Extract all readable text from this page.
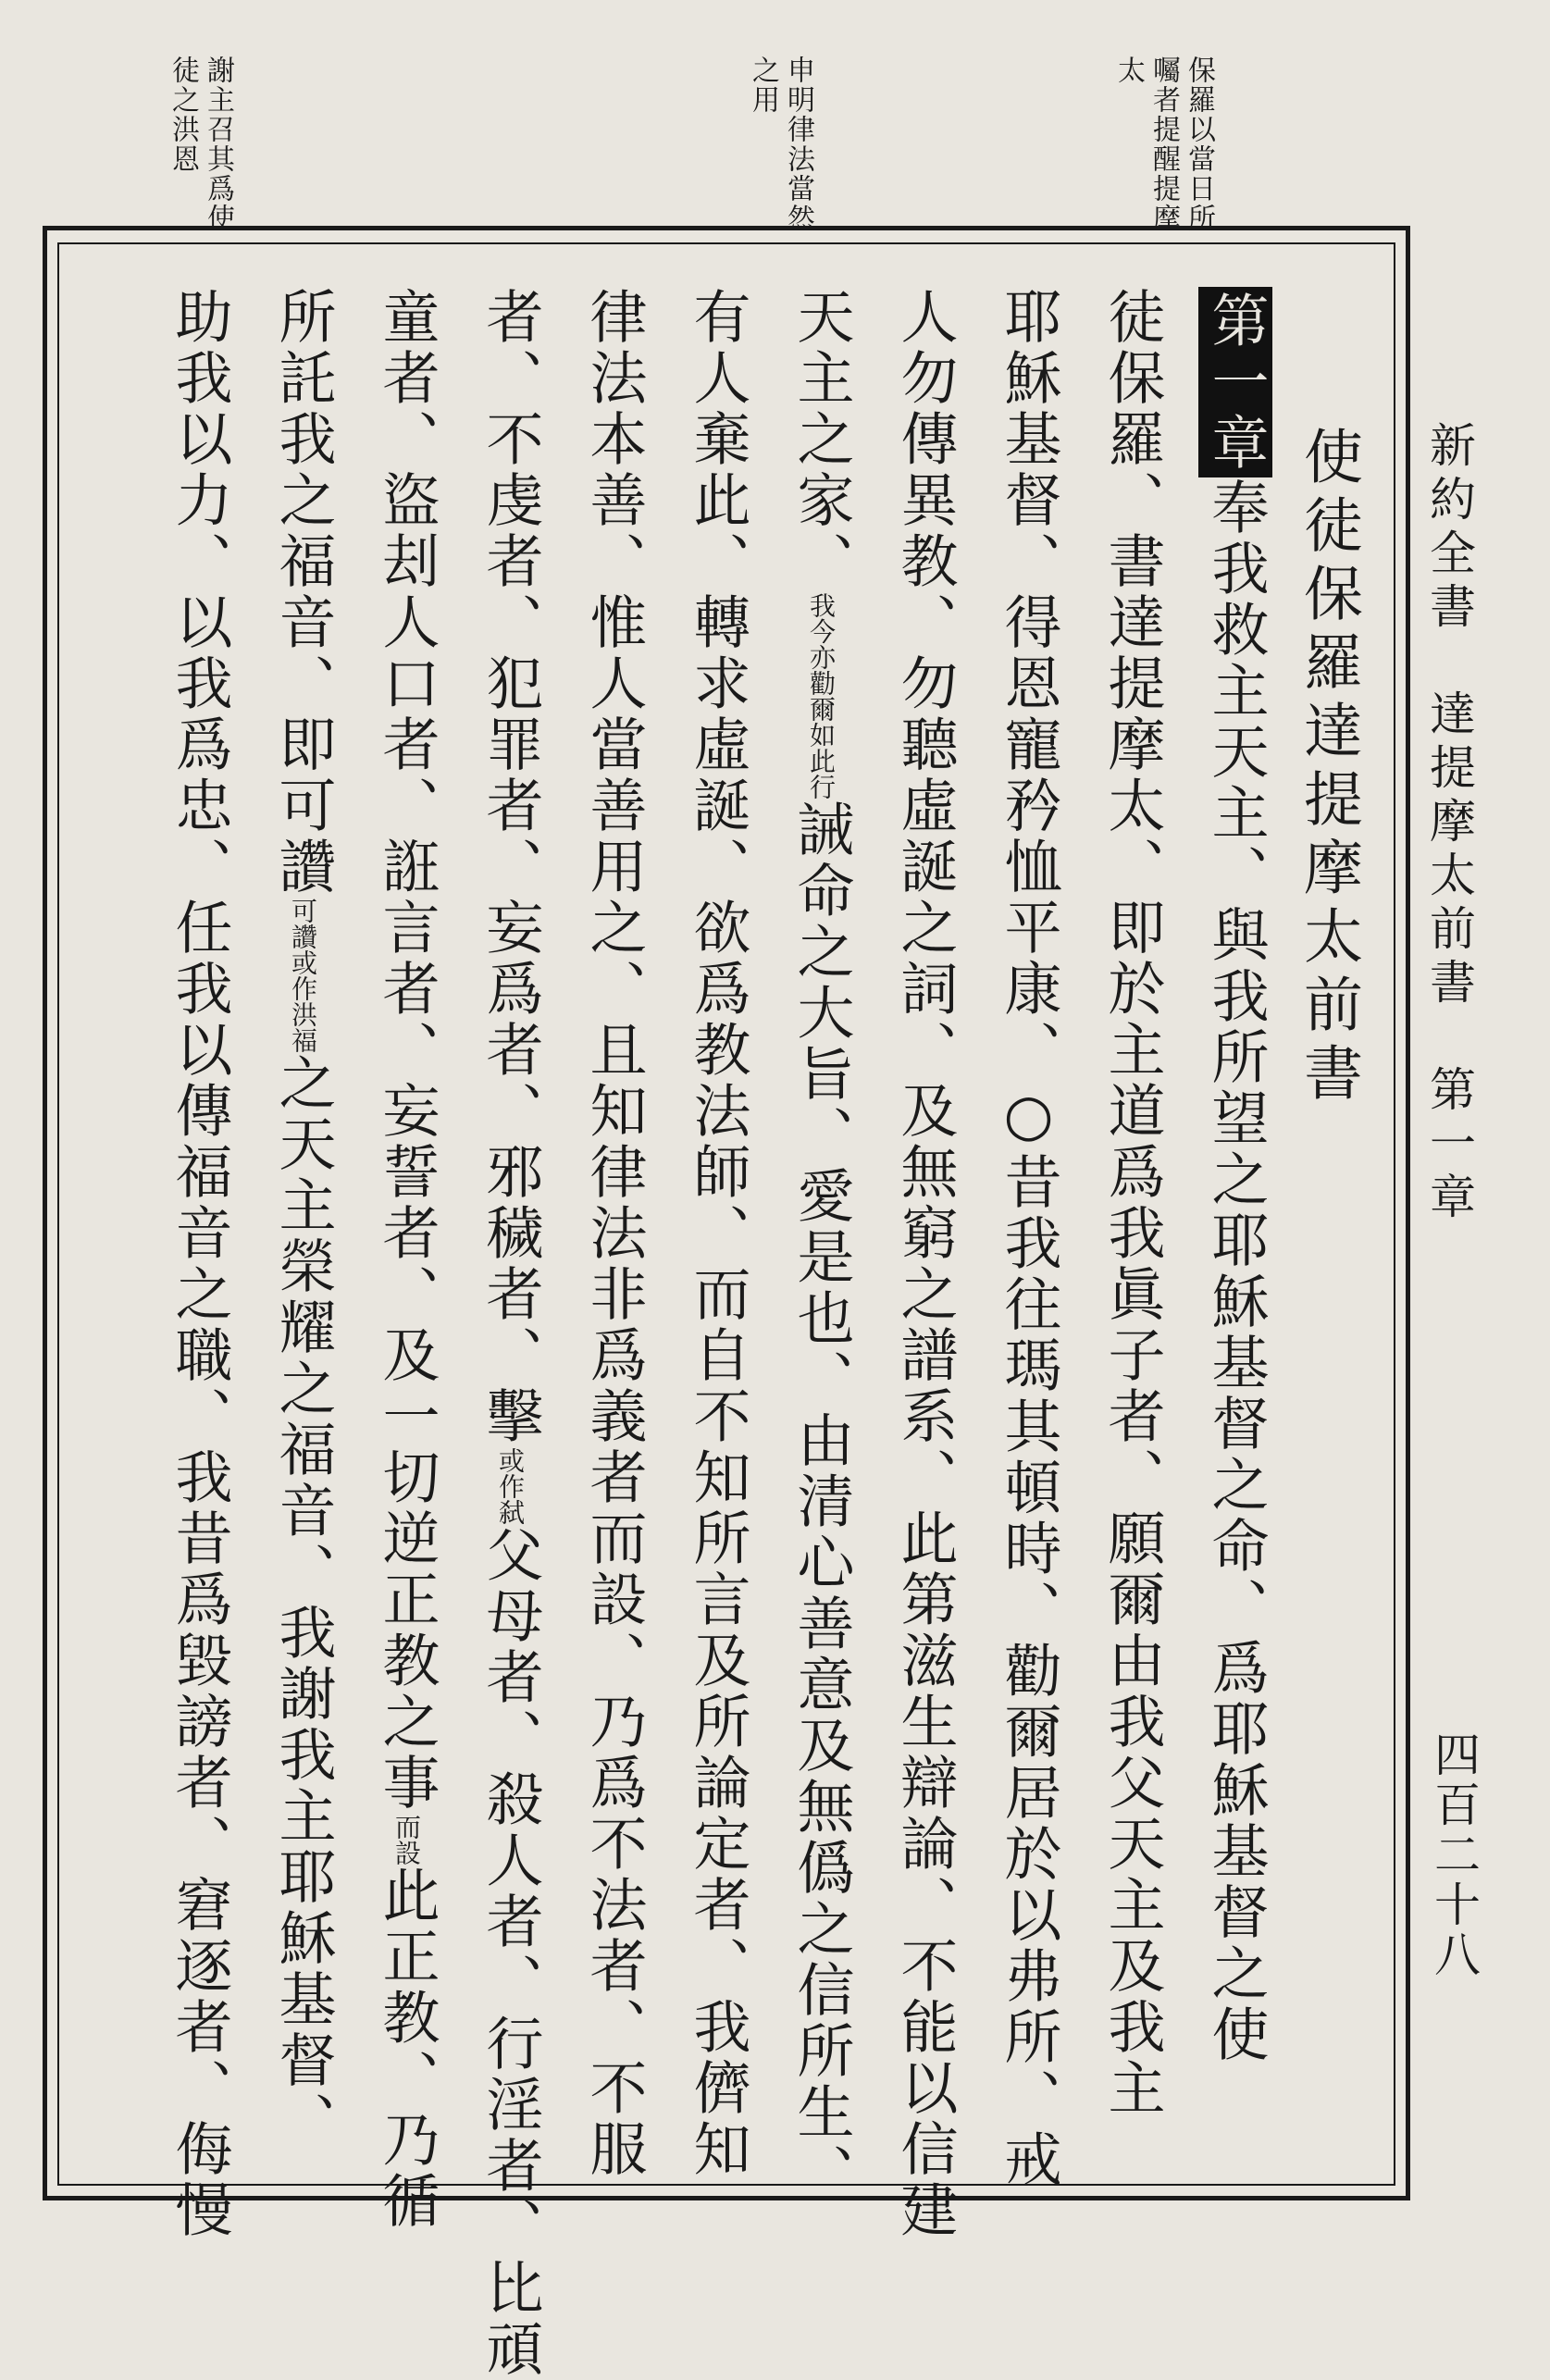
保羅以當日所囑者提醒提摩太
申明律法當然之用
謝主召其爲使徒之洪恩
新約全書　達提摩太前書　第一章
四百二十八
使徒保羅達提摩太前書
第一章奉我救主天主、與我所望之耶穌基督之命、爲耶穌基督之使
徒保羅、書達提摩太、即於主道爲我眞子者、願爾由我父天主及我主
耶穌基督、得恩寵矜恤平康、○昔我往瑪其頓時、勸爾居於以弗所、戒
人勿傳異教、勿聽虛誕之詞、及無窮之譜系、此第滋生辯論、不能以信建
天主之家、我今亦勸爾如此行誡命之大旨、愛是也、由清心善意及無僞之信所生、
有人棄此、轉求虛誕、欲爲教法師、而自不知所言及所論定者、我儕知
律法本善、惟人當善用之、且知律法非爲義者而設、乃爲不法者、不服
者、不虔者、犯罪者、妄爲者、邪穢者、擊或作弑父母者、殺人者、行淫者、比頑
童者、盜刦人口者、誑言者、妄誓者、及一切逆正教之事而設此正教、乃循
所託我之福音、即可讚可讚或作洪福之天主榮耀之福音、我謝我主耶穌基督、
助我以力、以我爲忠、任我以傳福音之職、我昔爲毀謗者、窘逐者、侮慢
